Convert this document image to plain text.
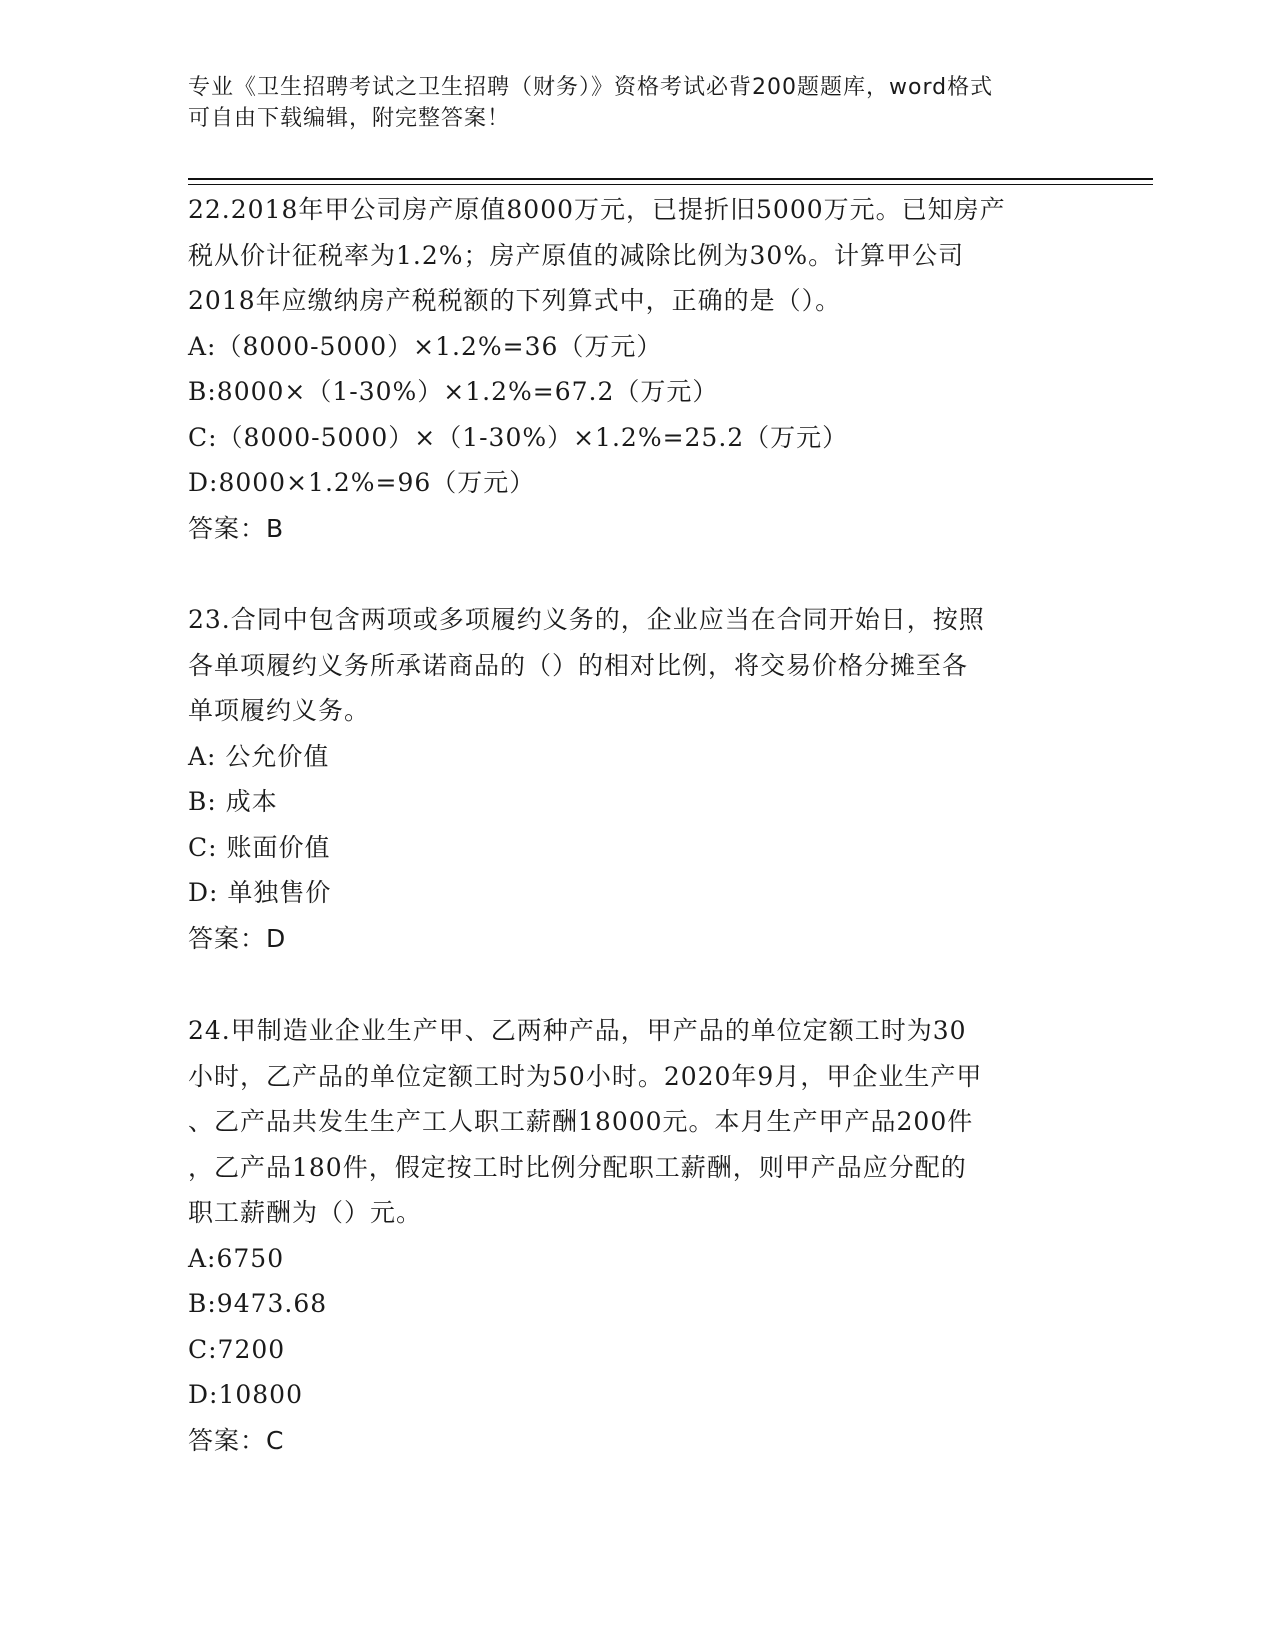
专业《卫生招聘考试之卫生招聘（财务）》资格考试必背200题题库，word格式
可自由下载编辑，附完整答案！

22.2018年甲公司房产原值8000万元，已提折旧5000万元。已知房产

税从价计征税率为1.2%；房产原值的减除比例为30%。计算甲公司

2018年应缴纳房产税税额的下列算式中，正确的是（）。

A:（8000-5000）×1.2%=36（万元）

B:8000×（1-30%）×1.2%=67.2（万元）

C:（8000-5000）×（1-30%）×1.2%=25.2（万元）

D:8000×1.2%=96（万元）

答案：B

23.合同中包含两项或多项履约义务的，企业应当在合同开始日，按照

各单项履约义务所承诺商品的（）的相对比例，将交易价格分摊至各

单项履约义务。

A: 公允价值

B: 成本

C: 账面价值

D: 单独售价

答案：D

24.甲制造业企业生产甲、乙两种产品，甲产品的单位定额工时为30

小时，乙产品的单位定额工时为50小时。2020年9月，甲企业生产甲

、乙产品共发生生产工人职工薪酬18000元。本月生产甲产品200件

，乙产品180件，假定按工时比例分配职工薪酬，则甲产品应分配的

职工薪酬为（）元。

A:6750

B:9473.68

C:7200

D:10800

答案：C
